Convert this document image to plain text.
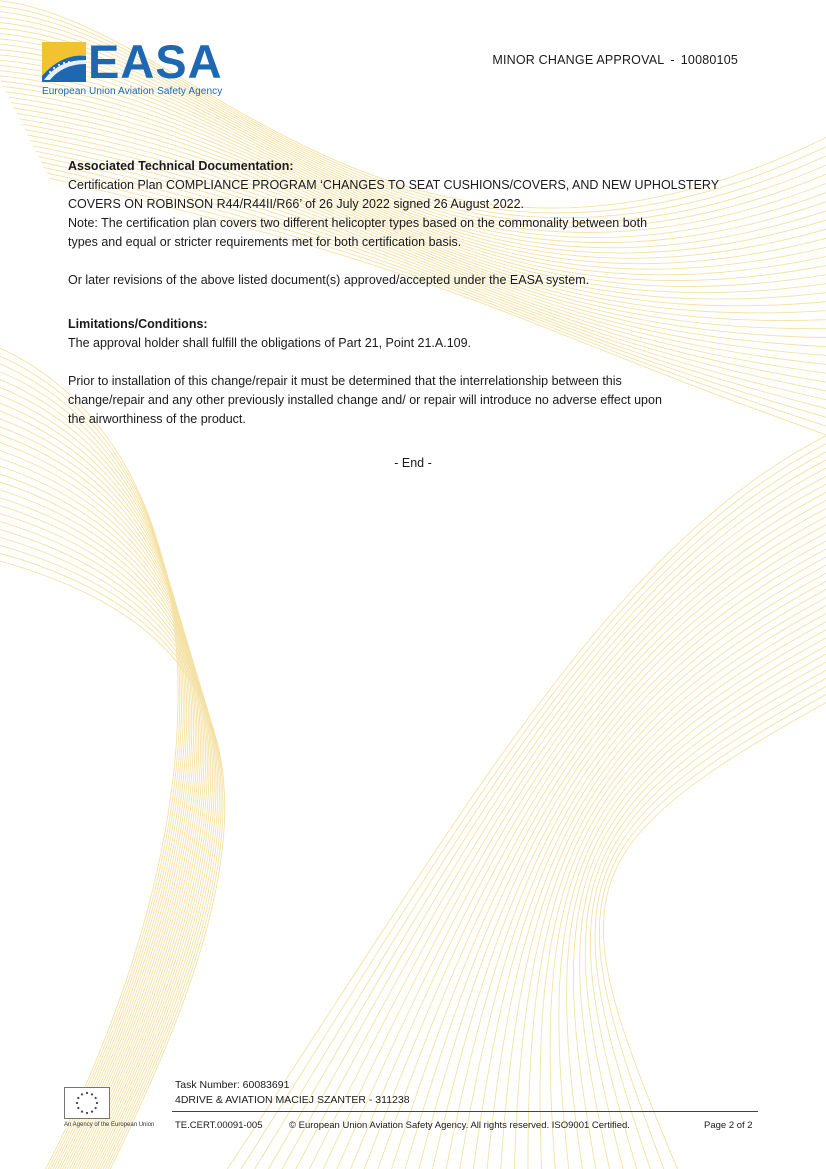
EASA
European Union Aviation Safety Agency
MINOR CHANGE APPROVAL - 10080105

Associated Technical Documentation:

Certification Plan COMPLIANCE PROGRAM ‘CHANGES TO SEAT CUSHIONS/COVERS, AND NEW UPHOLSTERY

COVERS ON ROBINSON R44/R44II/R66’ of 26 July 2022 signed 26 August 2022.

Note: The certification plan covers two different helicopter types based on the commonality between both

types and equal or stricter requirements met for both certification basis.

Or later revisions of the above listed document(s) approved/accepted under the EASA system.

Limitations/Conditions:

The approval holder shall fulfill the obligations of Part 21, Point 21.A.109.

Prior to installation of this change/repair it must be determined that the interrelationship between this

change/repair and any other previously installed change and/ or repair will introduce no adverse effect upon

the airworthiness of the product.

- End -

An Agency of the European Union
Task Number: 60083691
4DRIVE & AVIATION MACIEJ SZANTER - 311238
TE.CERT.00091-005	© European Union Aviation Safety Agency. All rights reserved. ISO9001 Certified.	Page 2 of 2
